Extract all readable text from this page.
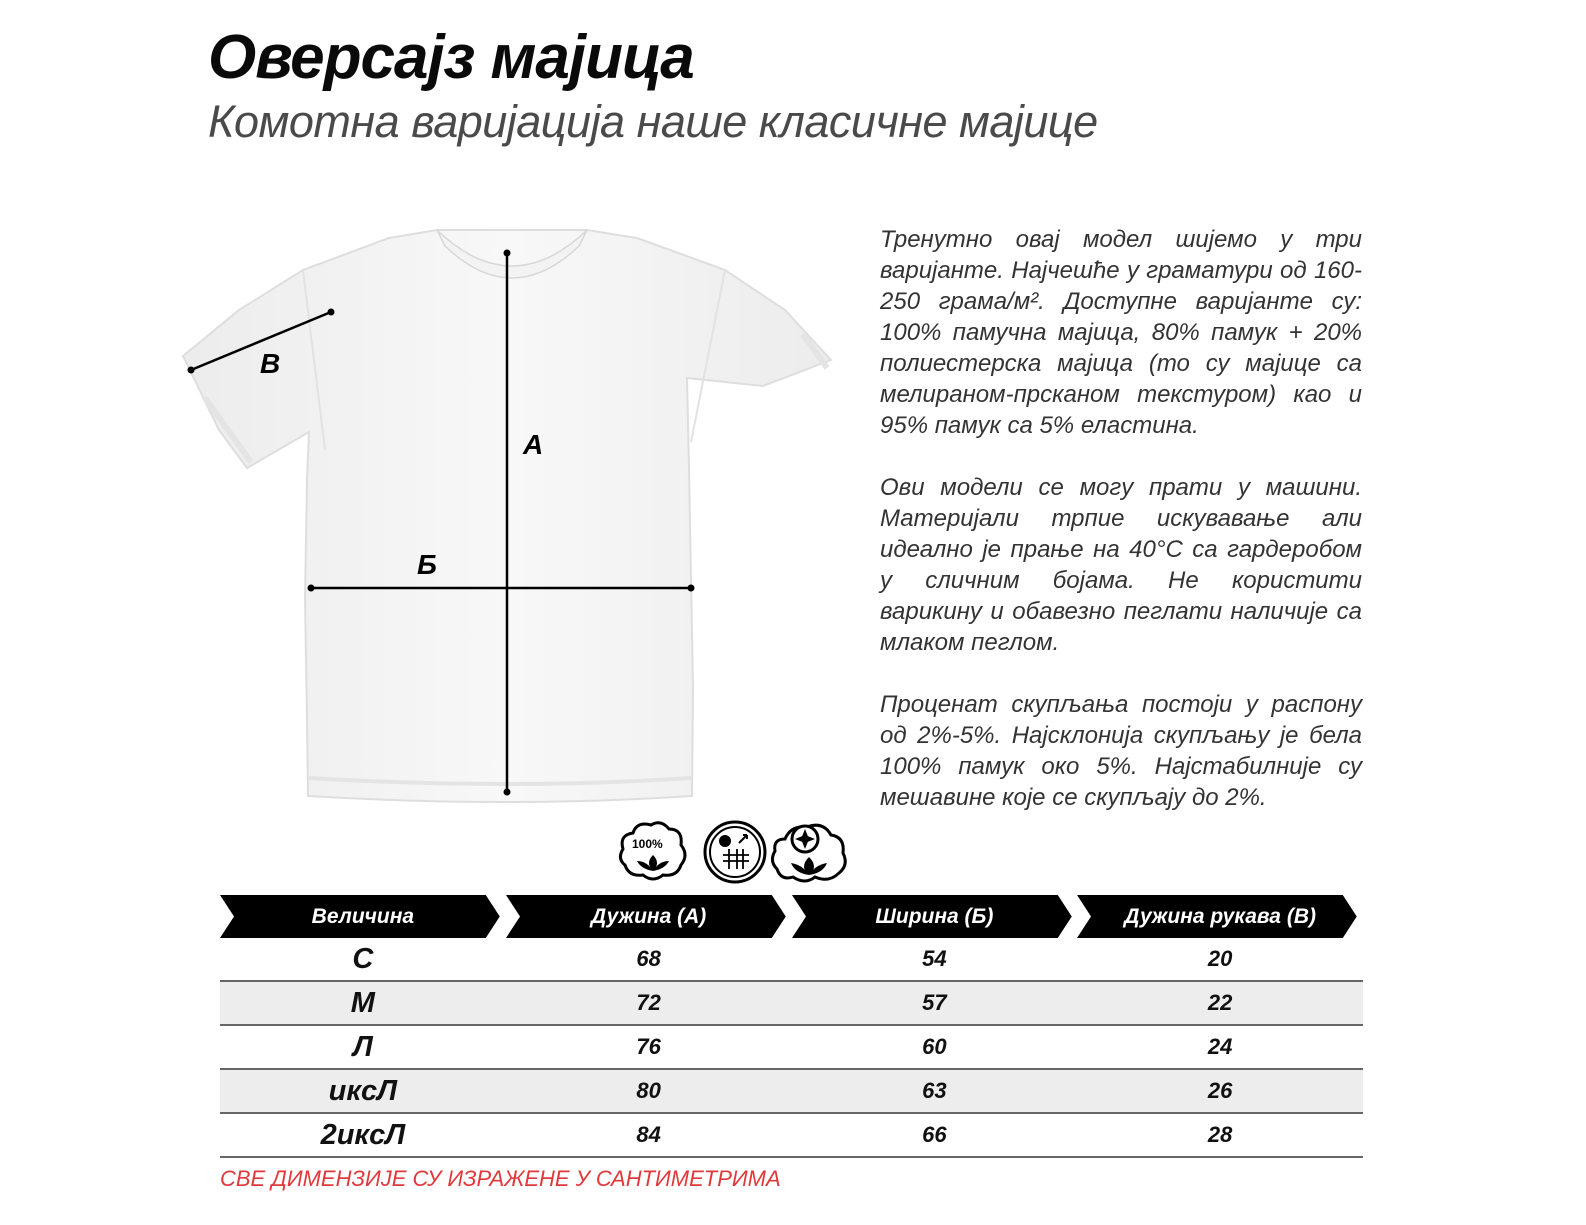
Оверсајз мајица
Комотна варијација наше класичне мајице
А
Б
В

Тренутно овај модел шијемо у три варијанте. Најчешће у граматури од 160-250 грама/м². Доступне варијанте су: 100% памучна мајица, 80% памук + 20% полиестерска мајица (то су мајице са мелираном-прсканом текстуром) као и 95% памук са 5% еластина.

Ови модели се могу прати у машини. Материјали трпие искувавање али идеално је прање на 40°C са гардеробом у сличним бојама. Не користити варикину и обавезно пеглати наличије са млаком пеглом.

Проценат скупљања постоји у распону од 2%-5%. Најсклонија скупљању је бела 100% памук око 5%. Најстабилније су мешавине које се скупљају до 2%.

100%
Величина	Дужина (А)	Ширина (Б)	Дужина рукава (В)
С	68	54	20
М	72	57	22
Л	76	60	24
иксЛ	80	63	26
2иксЛ	84	66	28
СВЕ ДИМЕНЗИЈЕ СУ ИЗРАЖЕНЕ У САНТИМЕТРИМА
